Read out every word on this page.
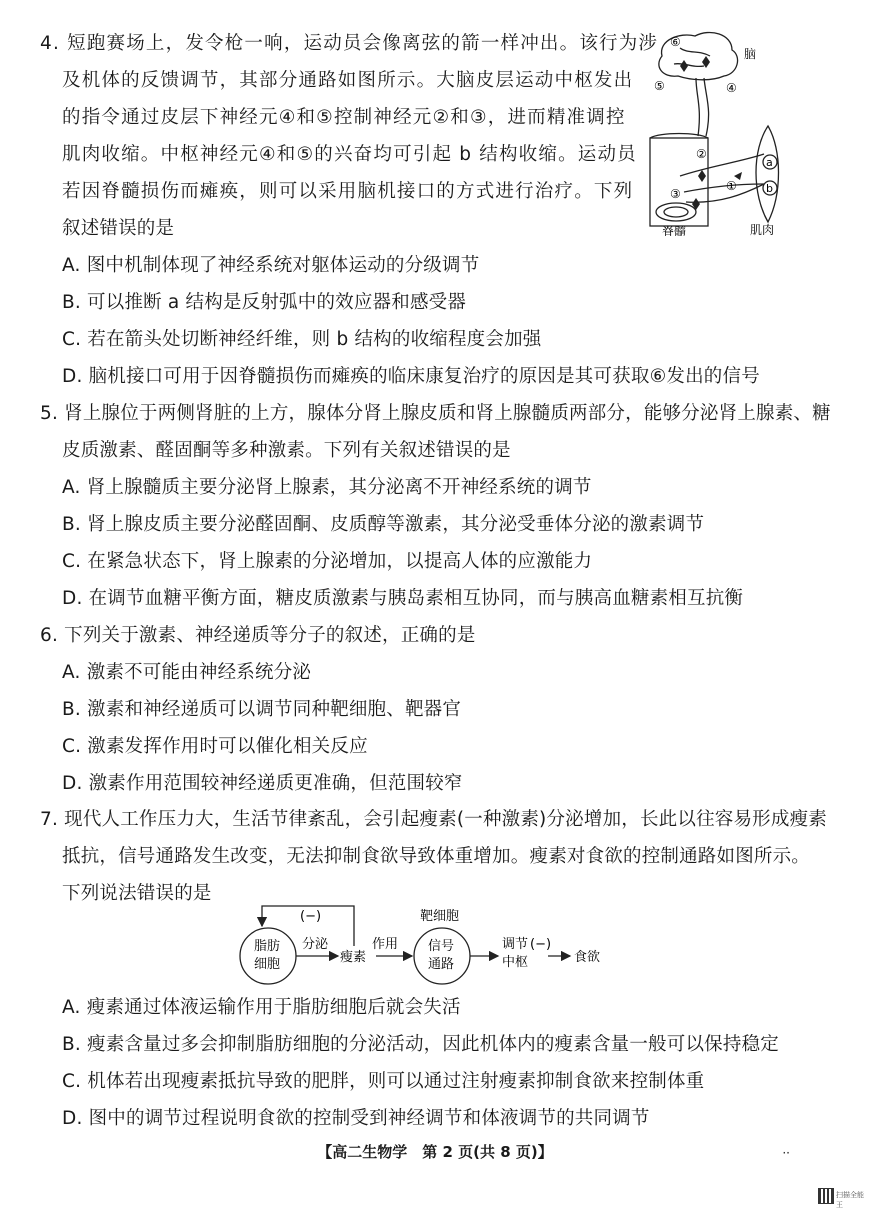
4. 短跑赛场上，发令枪一响，运动员会像离弦的箭一样冲出。该行为涉
及机体的反馈调节，其部分通路如图所示。大脑皮层运动中枢发出
的指令通过皮层下神经元④和⑤控制神经元②和③，进而精准调控
肌肉收缩。中枢神经元④和⑤的兴奋均可引起 b 结构收缩。运动员
若因脊髓损伤而瘫痪，则可以采用脑机接口的方式进行治疗。下列
叙述错误的是
A. 图中机制体现了神经系统对躯体运动的分级调节
B. 可以推断 a 结构是反射弧中的效应器和感受器
C. 若在箭头处切断神经纤维，则 b 结构的收缩程度会加强
D. 脑机接口可用于因脊髓损伤而瘫痪的临床康复治疗的原因是其可获取⑥发出的信号
⑥
脑
⑤	④
②
③
①
a
b
脊髓	肌肉
5. 肾上腺位于两侧肾脏的上方，腺体分肾上腺皮质和肾上腺髓质两部分，能够分泌肾上腺素、糖
皮质激素、醛固酮等多种激素。下列有关叙述错误的是
A. 肾上腺髓质主要分泌肾上腺素，其分泌离不开神经系统的调节
B. 肾上腺皮质主要分泌醛固酮、皮质醇等激素，其分泌受垂体分泌的激素调节
C. 在紧急状态下，肾上腺素的分泌增加，以提高人体的应激能力
D. 在调节血糖平衡方面，糖皮质激素与胰岛素相互协同，而与胰高血糖素相互抗衡
6. 下列关于激素、神经递质等分子的叙述，正确的是
A. 激素不可能由神经系统分泌
B. 激素和神经递质可以调节同种靶细胞、靶器官
C. 激素发挥作用时可以催化相关反应
D. 激素作用范围较神经递质更准确，但范围较窄
7. 现代人工作压力大，生活节律紊乱，会引起瘦素(一种激素)分泌增加，长此以往容易形成瘦素
抵抗，信号通路发生改变，无法抑制食欲导致体重增加。瘦素对食欲的控制通路如图所示。
下列说法错误的是
脂肪
细胞
分泌
瘦素
作用
靶细胞
(−)
信号
通路
调节
中枢
(−)
食欲
A. 瘦素通过体液运输作用于脂肪细胞后就会失活
B. 瘦素含量过多会抑制脂肪细胞的分泌活动，因此机体内的瘦素含量一般可以保持稳定
C. 机体若出现瘦素抵抗导致的肥胖，则可以通过注射瘦素抑制食欲来控制体重
D. 图中的调节过程说明食欲的控制受到神经调节和体液调节的共同调节
【高二生物学　第 2 页(共 8 页)】	··
扫描全能王
